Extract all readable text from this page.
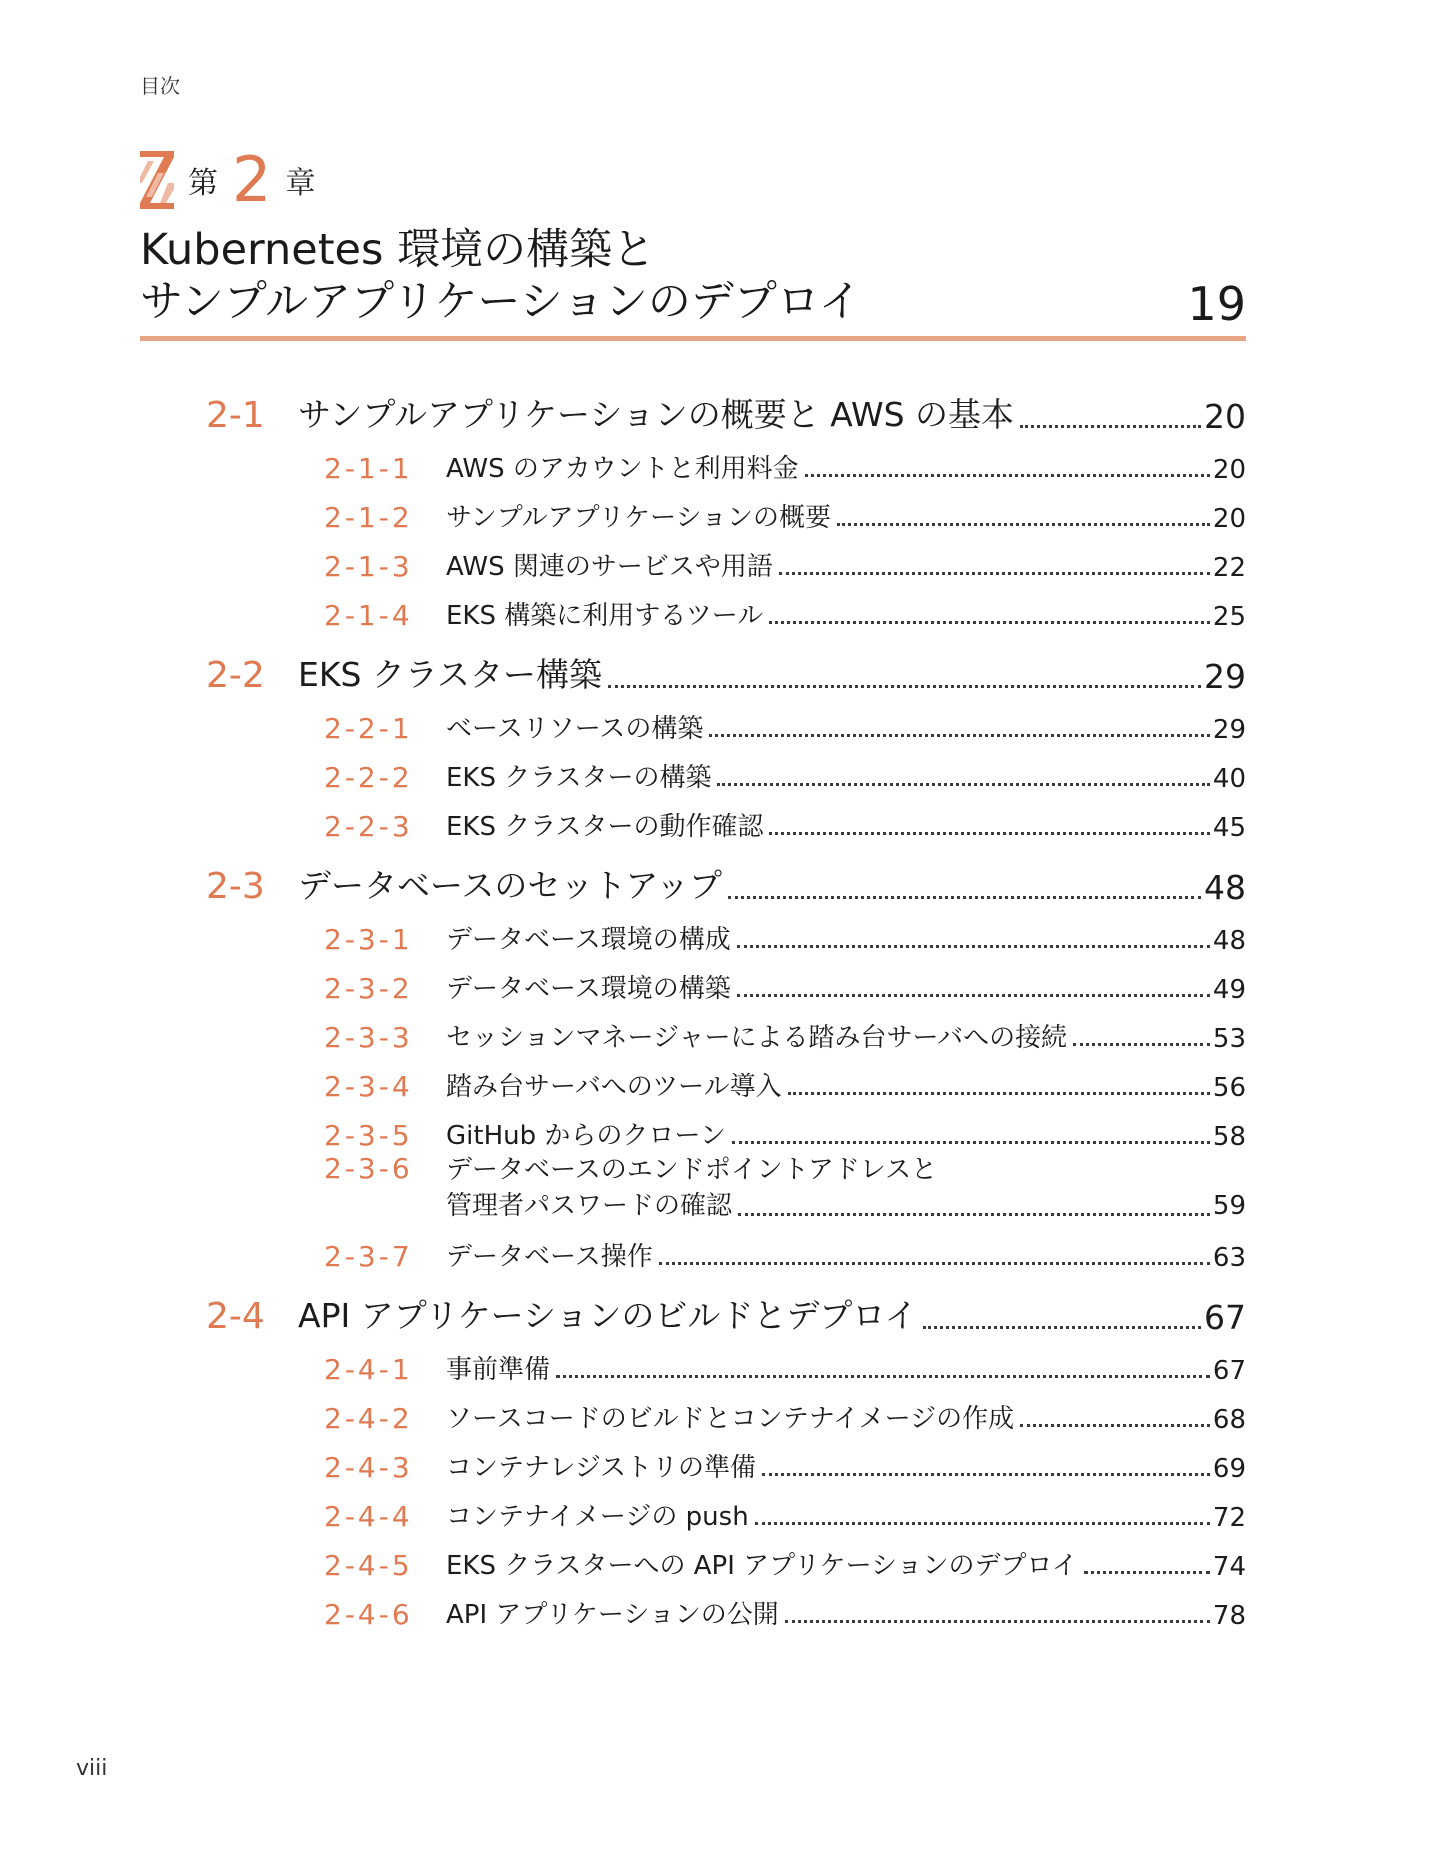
目次
第 2 章
Kubernetes 環境の構築と
サンプルアプリケーションのデプロイ	19
2-1	サンプルアプリケーションの概要と AWS の基本	20
2-1-1	AWS のアカウントと利用料金	20
2-1-2	サンプルアプリケーションの概要	20
2-1-3	AWS 関連のサービスや用語	22
2-1-4	EKS 構築に利用するツール	25
2-2	EKS クラスター構築	29
2-2-1	ベースリソースの構築	29
2-2-2	EKS クラスターの構築	40
2-2-3	EKS クラスターの動作確認	45
2-3	データベースのセットアップ	48
2-3-1	データベース環境の構成	48
2-3-2	データベース環境の構築	49
2-3-3	セッションマネージャーによる踏み台サーバへの接続	53
2-3-4	踏み台サーバへのツール導入	56
2-3-5	GitHub からのクローン	58
2-3-6	データベースのエンドポイントアドレスと
管理者パスワードの確認	59
2-3-7	データベース操作	63
2-4	API アプリケーションのビルドとデプロイ	67
2-4-1	事前準備	67
2-4-2	ソースコードのビルドとコンテナイメージの作成	68
2-4-3	コンテナレジストリの準備	69
2-4-4	コンテナイメージの push	72
2-4-5	EKS クラスターへの API アプリケーションのデプロイ	74
2-4-6	API アプリケーションの公開	78
viii
